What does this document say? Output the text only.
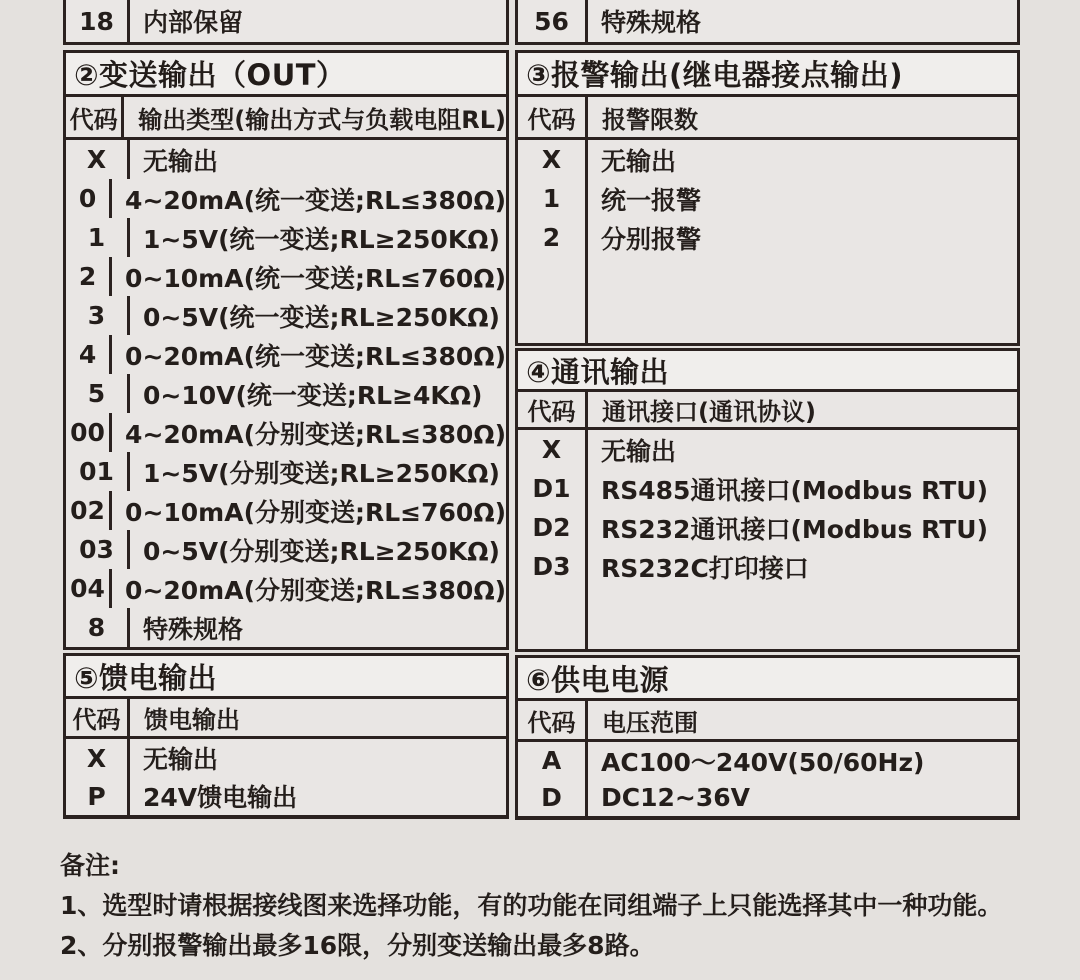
18	内部保留
②变送输出（OUT）
代码 输出类型(输出方式与负载电阻RL)
X	无输出
0	4~20mA(统一变送;RL≤380Ω)
1	1~5V(统一变送;RL≥250KΩ)
2	0~10mA(统一变送;RL≤760Ω)
3	0~5V(统一变送;RL≥250KΩ)
4	0~20mA(统一变送;RL≤380Ω)
5	0~10V(统一变送;RL≥4KΩ)
00 4~20mA(分别变送;RL≤380Ω)
01	1~5V(分别变送;RL≥250KΩ)
02 0~10mA(分别变送;RL≤760Ω)
03	0~5V(分别变送;RL≥250KΩ)
04 0~20mA(分别变送;RL≤380Ω)
8	特殊规格
⑤馈电输出
代码 馈电输出
X	无输出
P	24V馈电输出
56	特殊规格
③报警输出(继电器接点输出)
代码	报警限数
X	无输出
1	统一报警
2	分别报警
④通讯输出
代码	通讯接口(通讯协议)
X	无输出
D1	RS485通讯接口(Modbus RTU)
D2	RS232通讯接口(Modbus RTU)
D3	RS232C打印接口
⑥供电电源
代码	电压范围
A	AC100～240V(50/60Hz)
D	DC12~36V
备注:
1、选型时请根据接线图来选择功能，有的功能在同组端子上只能选择其中一种功能。
2、分别报警输出最多16限，分别变送输出最多8路。
